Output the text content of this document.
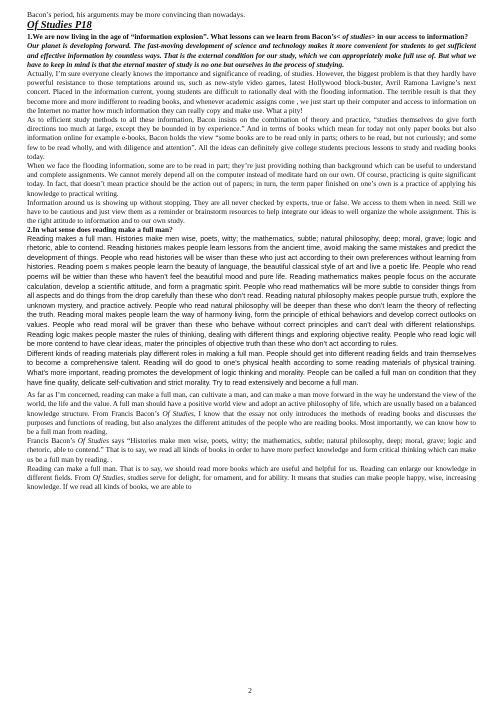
Bacon’s period, his arguments may be more convincing than nowadays.

Of Studies P18

1.We are now living in the age of “information explosion”. What lessons can we learn from Bacon’s< of studies> in our access to information?

Our planet is developing forward. The fast-moving development of science and technology makes it more convenient for students to get sufficient and effective information by countless ways. That is the external condition for our study, which we can appropriately make full use of. But what we have to keep in mind is that the eternal master of study is no one but ourselves in the process of studying.

Actually, I’m sure everyone clearly knows the importance and significance of reading, of studies. However, the biggest problem is that they hardly have powerful resistance to those temptations around us, such as new-style video games, latest Hollywood block-buster, Avril Ramona Lavigne’s next concert. Placed in the information current, young students are difficult to rationally deal with the flooding information. The terrible result is that they become more and more indifferent to reading books, and whenever academic assigns come , we just start up their computer and access to information on the Internet no matter how much information they can really copy and make use. What a pity!

As to efficient study methods to all these information, Bacon insists on the combination of theory and practice, “studies themselves do give forth directions too much at large, except they be bounded in by experience.” And in terms of books which mean for today not only paper books but also information online for example e-books, Bacon holds the view “some books are to be read only in parts; others to be read, but not curiously; and some few to be read wholly, and with diligence and attention”. All the ideas can definitely give college students precious lessons to study and reading books today.

When we face the flooding information, some are to be read in part; they’re just providing nothing than background which can be useful to understand and complete assignments. We cannot merely depend all on the computer instead of meditate hard on our own. Of course, practicing is quite significant today. In fact, that doesn’t mean practice should be the action out of papers; in turn, the term paper finished on one’s own is a practice of applying his knowledge to practical writing.

Information around us is showing up without stopping. They are all never checked by experts, true or false. We access to them when in need. Still we have to be cautious and just view them as a reminder or brainstorm resources to help integrate our ideas to well organize the whole assignment. This is the right attitude to information and to our own study.

2.In what sense does reading make a full man?

Reading makes a full man. Histories make men wise, poets, witty; the mathematics, subtle; natural philosophy, deep; moral, grave; logic and rhetoric, able to contend. Reading histories makes people learn lessons from the ancient time, avoid making the same mistakes and predict the development of things. People who read histories will be wiser than these who just act according to their own preferences without learning from histories. Reading poem s makes people learn the beauty of language, the beautiful classical style of art and live a poetic life. People who read poems will be wittier than these who haven’t feel the beautiful mood and pure life. Reading mathematics makes people focus on the accurate calculation, develop a scientific attitude, and form a pragmatic spirit. People who read mathematics will be more subtle to consider things from all aspects and do things from the drop carefully than these who don’t read. Reading natural philosophy makes people pursue truth, explore the unknown mystery, and practice actively. People who read natural philosophy will be deeper than these who don’t learn the theory of reflecting the truth. Reading moral makes people learn the way of harmony living, form the principle of ethical behaviors and develop correct outlooks on values. People who read moral will be graver than these who behave without correct principles and can’t deal with different relationships. Reading logic makes people master the rules of thinking, dealing with different things and exploring objective reality. People who read logic will be more contend to have clear ideas, mater the principles of objective truth than these who don’t act according to rules.

Different kinds of reading materials play different roles in making a full man. People should get into different reading fields and train themselves to become a comprehensive talent. Reading will do good to one’s physical health according to some reading materials of physical training. What’s more important, reading promotes the development of logic thinking and morality. People can be called a full man on condition that they have fine quality, delicate self-cultivation and strict morality. Try to read extensively and become a full man.

As far as I’m concerned, reading can make a full man, can cultivate a man, and can make a man move forward in the way he understand the view of the world, the life and the value. A full man should have a positive world view and adopt an active philosophy of life, which are usually based on a balanced knowledge structure. From Francis Bacon’s Of Studies, I know that the essay not only introduces the methods of reading books and discusses the purposes and functions of reading, but also analyzes the different attitudes of the people who are reading books. Most importantly, we can know how to be a full man from reading.

Francis Bacon’s Of Studies says “Histories make men wise, poets, witty; the mathematics, subtle; natural philosophy, deep; moral, grave; logic and rhetoric, able to contend.” That is to say, we read all kinds of books in order to have more perfect knowledge and form critical thinking which can make us be a full man by reading. .

Reading can make a full man. That is to say, we should read more books which are useful and helpful for us. Reading can enlarge our knowledge in different fields. From Of Studies, studies serve for delight, for ornament, and for ability. It means that studies can make people happy, wise, increasing knowledge. If we read all kinds of books, we are able to

2
